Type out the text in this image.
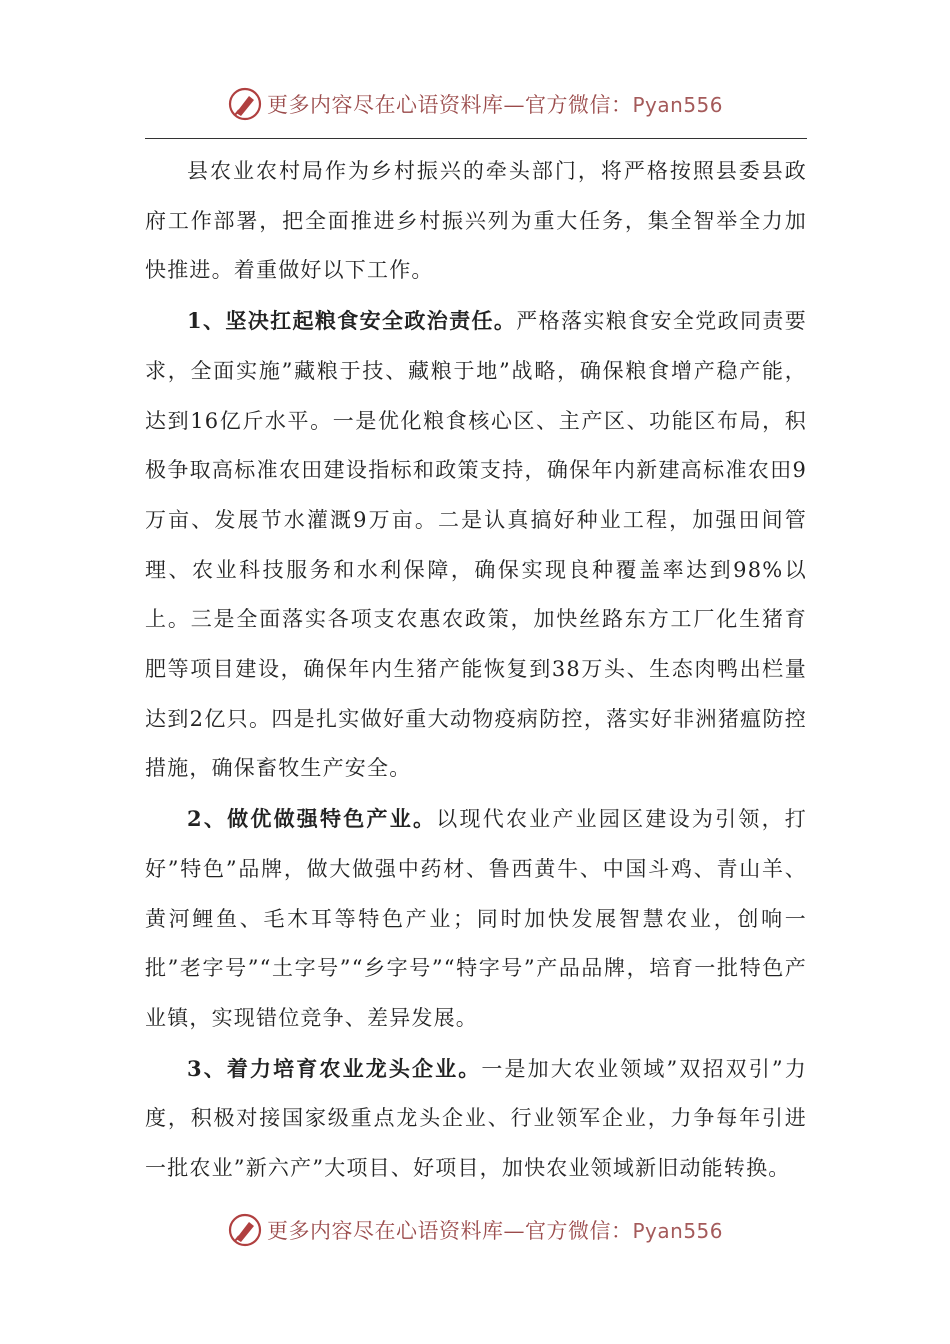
更多内容尽在心语资料库—官方微信：Pyan556

县农业农村局作为乡村振兴的牵头部门，将严格按照县委县政府工作部署，把全面推进乡村振兴列为重大任务，集全智举全力加快推进。着重做好以下工作。

1、坚决扛起粮食安全政治责任。严格落实粮食安全党政同责要求，全面实施”藏粮于技、藏粮于地”战略，确保粮食增产稳产能，达到16亿斤水平。一是优化粮食核心区、主产区、功能区布局，积极争取高标准农田建设指标和政策支持，确保年内新建高标准农田9万亩、发展节水灌溉9万亩。二是认真搞好种业工程，加强田间管理、农业科技服务和水利保障，确保实现良种覆盖率达到98%以上。三是全面落实各项支农惠农政策，加快丝路东方工厂化生猪育肥等项目建设，确保年内生猪产能恢复到38万头、生态肉鸭出栏量达到2亿只。四是扎实做好重大动物疫病防控，落实好非洲猪瘟防控措施，确保畜牧生产安全。

2、做优做强特色产业。以现代农业产业园区建设为引领，打好”特色”品牌，做大做强中药材、鲁西黄牛、中国斗鸡、青山羊、黄河鲤鱼、毛木耳等特色产业；同时加快发展智慧农业，创响一批”老字号”“土字号”“乡字号”“特字号”产品品牌，培育一批特色产业镇，实现错位竞争、差异发展。

3、着力培育农业龙头企业。一是加大农业领域”双招双引”力度，积极对接国家级重点龙头企业、行业领军企业，力争每年引进一批农业”新六产”大项目、好项目，加快农业领域新旧动能转换。

更多内容尽在心语资料库—官方微信：Pyan556
